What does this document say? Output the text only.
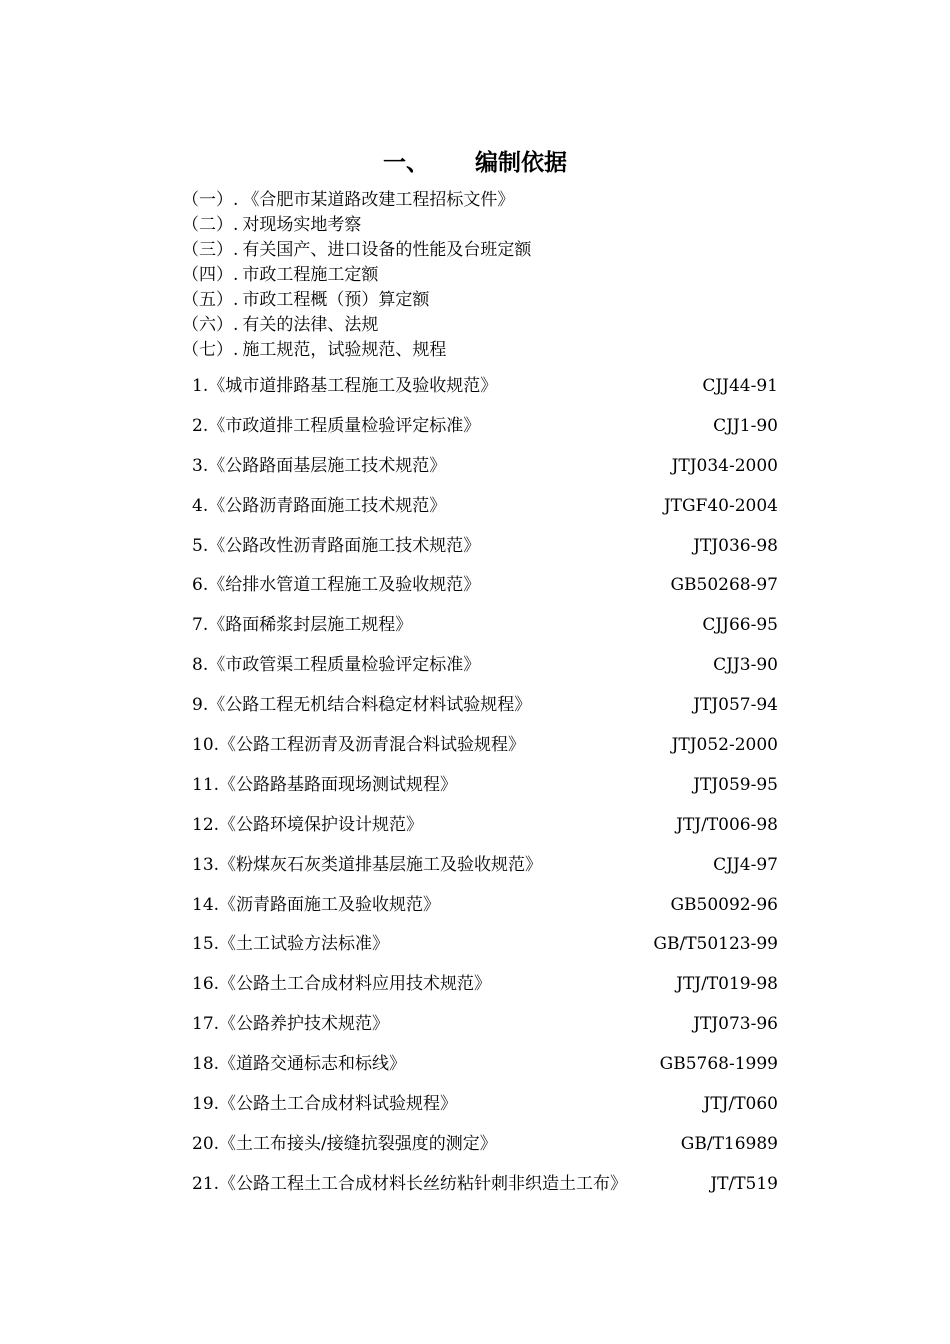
一、 编制依据
（一）. 《合肥市某道路改建工程招标文件》
（二）. 对现场实地考察
（三）. 有关国产、进口设备的性能及台班定额
（四）. 市政工程施工定额
（五）. 市政工程概（预）算定额
（六）. 有关的法律、法规
（七）. 施工规范，试验规范、规程
1.《城市道排路基工程施工及验收规范》	CJJ44-91
2.《市政道排工程质量检验评定标准》	CJJ1-90
3.《公路路面基层施工技术规范》	JTJ034-2000
4.《公路沥青路面施工技术规范》	JTGF40-2004
5.《公路改性沥青路面施工技术规范》	JTJ036-98
6.《给排水管道工程施工及验收规范》	GB50268-97
7.《路面稀浆封层施工规程》	CJJ66-95
8.《市政管渠工程质量检验评定标准》	CJJ3-90
9.《公路工程无机结合料稳定材料试验规程》	JTJ057-94
10.《公路工程沥青及沥青混合料试验规程》	JTJ052-2000
11.《公路路基路面现场测试规程》	JTJ059-95
12.《公路环境保护设计规范》	JTJ/T006-98
13.《粉煤灰石灰类道排基层施工及验收规范》	CJJ4-97
14.《沥青路面施工及验收规范》	GB50092-96
15.《土工试验方法标准》	GB/T50123-99
16.《公路土工合成材料应用技术规范》	JTJ/T019-98
17.《公路养护技术规范》	JTJ073-96
18.《道路交通标志和标线》	GB5768-1999
19.《公路土工合成材料试验规程》	JTJ/T060
20.《土工布接头/接缝抗裂强度的测定》	GB/T16989
21.《公路工程土工合成材料长丝纺粘针刺非织造土工布》	JT/T519
